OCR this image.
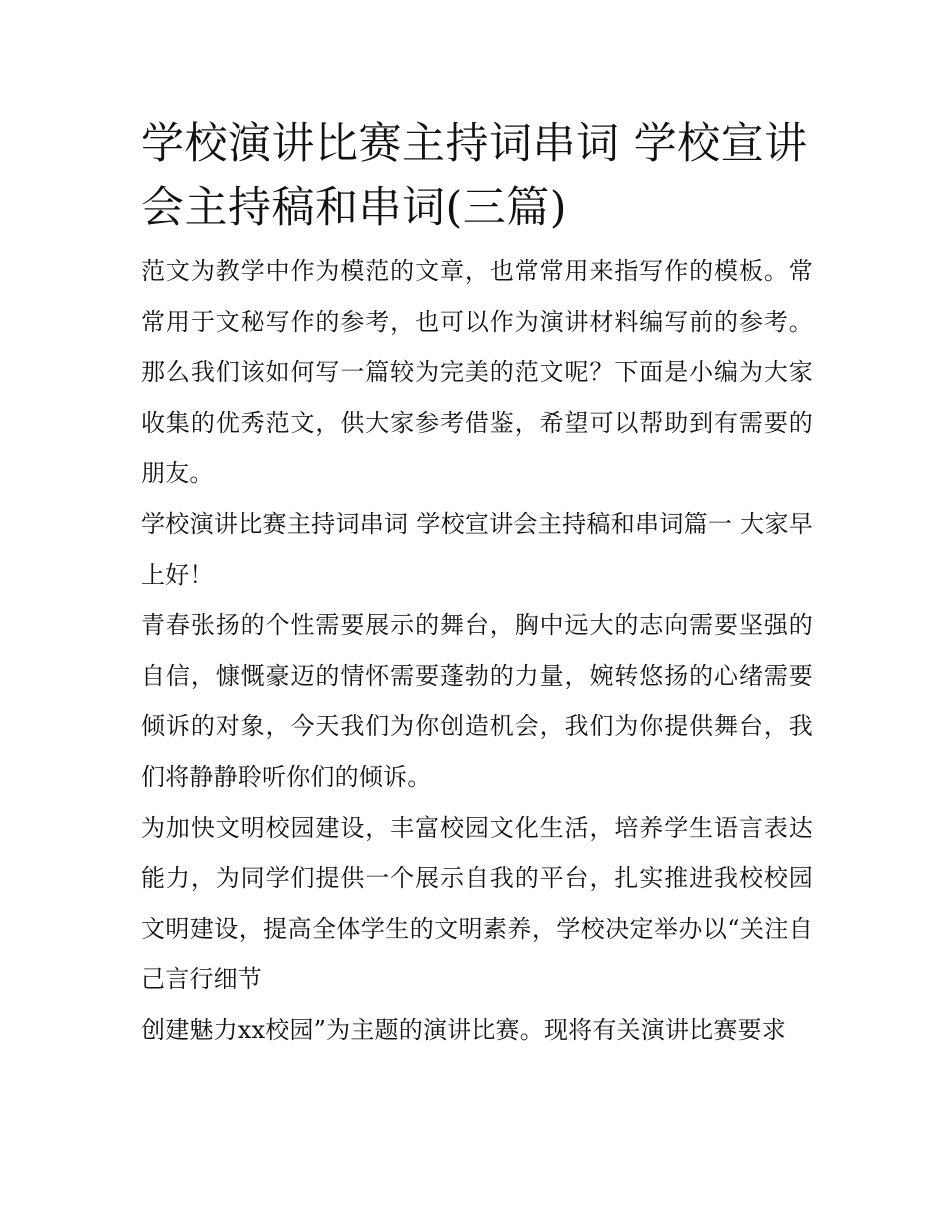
学校演讲比赛主持词串词 学校宣讲会主持稿和串词(三篇)

范文为教学中作为模范的文章，也常常用来指写作的模板。常常用于文秘写作的参考，也可以作为演讲材料编写前的参考。那么我们该如何写一篇较为完美的范文呢？下面是小编为大家收集的优秀范文，供大家参考借鉴，希望可以帮助到有需要的朋友。

学校演讲比赛主持词串词 学校宣讲会主持稿和串词篇一 大家早上好！

青春张扬的个性需要展示的舞台，胸中远大的志向需要坚强的自信，慷慨豪迈的情怀需要蓬勃的力量，婉转悠扬的心绪需要倾诉的对象，今天我们为你创造机会，我们为你提供舞台，我们将静静聆听你们的倾诉。

为加快文明校园建设，丰富校园文化生活，培养学生语言表达能力，为同学们提供一个展示自我的平台，扎实推进我校校园文明建设，提高全体学生的文明素养，学校决定举办以“关注自己言行细节

创建魅力xx校园”为主题的演讲比赛。现将有关演讲比赛要求
